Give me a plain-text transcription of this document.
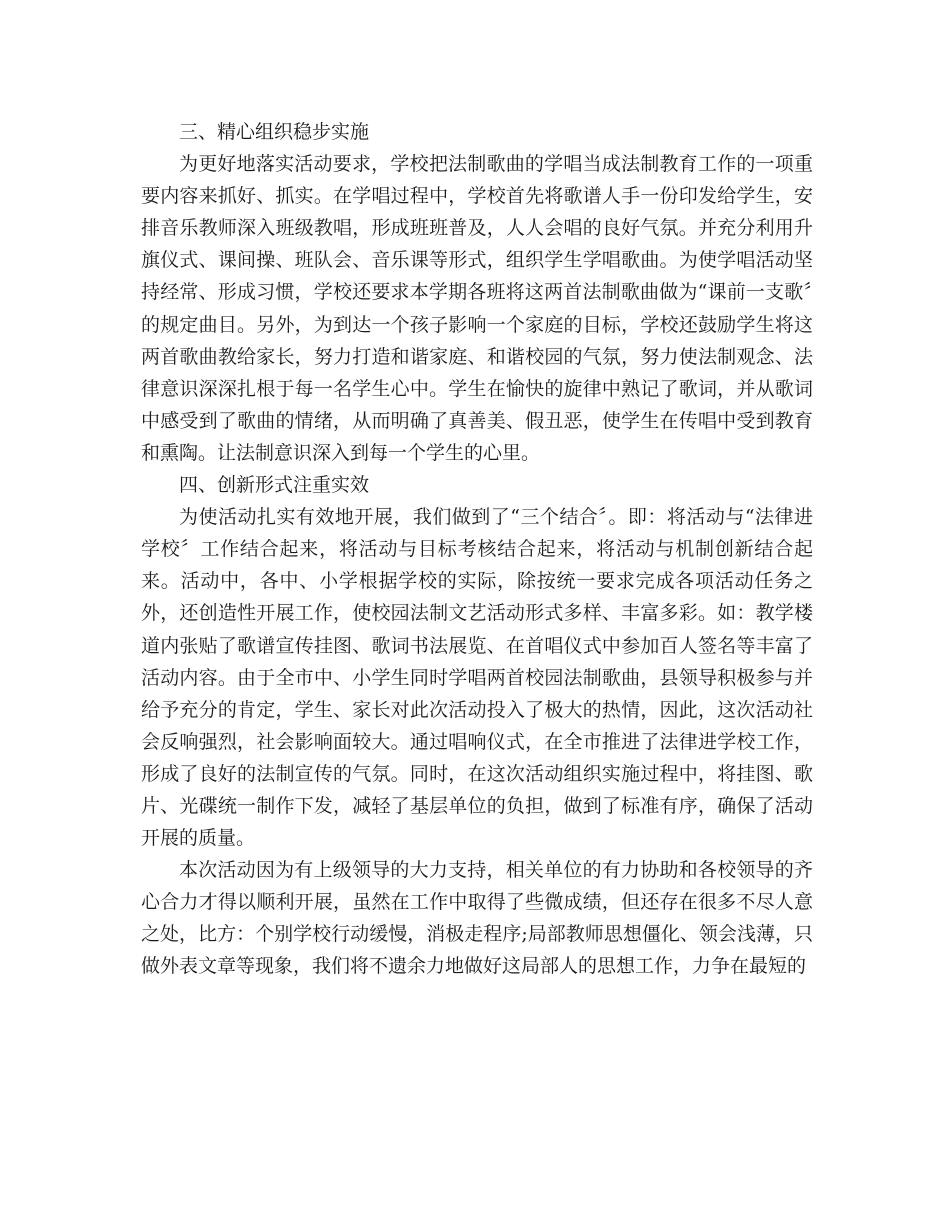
三、精心组织稳步实施

为更好地落实活动要求，学校把法制歌曲的学唱当成法制教育工作的一项重要内容来抓好、抓实。在学唱过程中，学校首先将歌谱人手一份印发给学生，安排音乐教师深入班级教唱，形成班班普及，人人会唱的良好气氛。并充分利用升旗仪式、课间操、班队会、音乐课等形式，组织学生学唱歌曲。为使学唱活动坚持经常、形成习惯，学校还要求本学期各班将这两首法制歌曲做为“课前一支歌〞的规定曲目。另外，为到达一个孩子影响一个家庭的目标，学校还鼓励学生将这两首歌曲教给家长，努力打造和谐家庭、和谐校园的气氛，努力使法制观念、法律意识深深扎根于每一名学生心中。学生在愉快的旋律中熟记了歌词，并从歌词中感受到了歌曲的情绪，从而明确了真善美、假丑恶，使学生在传唱中受到教育和熏陶。让法制意识深入到每一个学生的心里。

四、创新形式注重实效

为使活动扎实有效地开展，我们做到了“三个结合〞。即：将活动与“法律进学校〞工作结合起来，将活动与目标考核结合起来，将活动与机制创新结合起来。活动中，各中、小学根据学校的实际，除按统一要求完成各项活动任务之外，还创造性开展工作，使校园法制文艺活动形式多样、丰富多彩。如：教学楼道内张贴了歌谱宣传挂图、歌词书法展览、在首唱仪式中参加百人签名等丰富了活动内容。由于全市中、小学生同时学唱两首校园法制歌曲，县领导积极参与并给予充分的肯定，学生、家长对此次活动投入了极大的热情，因此，这次活动社会反响强烈，社会影响面较大。通过唱响仪式，在全市推进了法律进学校工作，形成了良好的法制宣传的气氛。同时，在这次活动组织实施过程中，将挂图、歌片、光碟统一制作下发，减轻了基层单位的负担，做到了标准有序，确保了活动开展的质量。

本次活动因为有上级领导的大力支持，相关单位的有力协助和各校领导的齐心合力才得以顺利开展，虽然在工作中取得了些微成绩，但还存在很多不尽人意之处，比方：个别学校行动缓慢，消极走程序;局部教师思想僵化、领会浅薄，只做外表文章等现象，我们将不遗余力地做好这局部人的思想工作，力争在最短的
